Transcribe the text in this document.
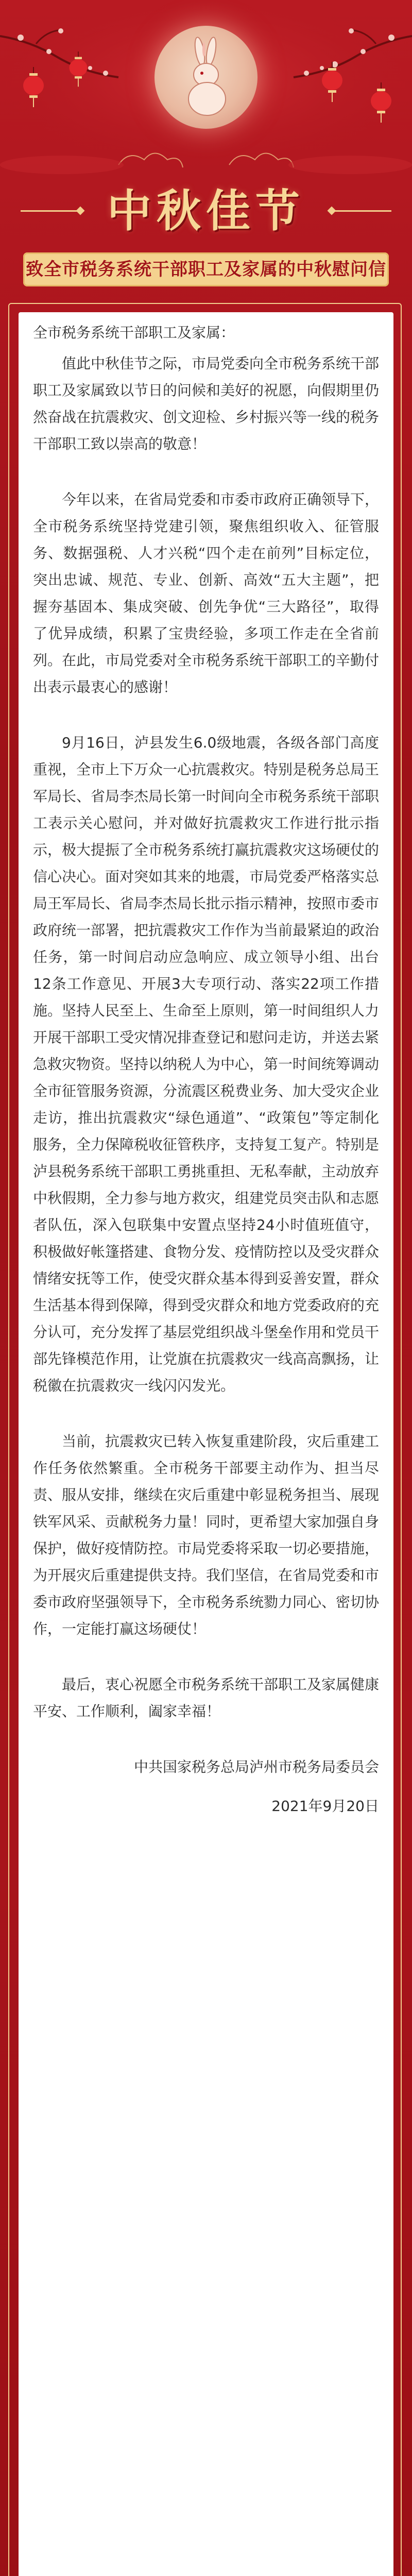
中秋佳节
致全市税务系统干部职工及家属的中秋慰问信

全市税务系统干部职工及家属：

值此中秋佳节之际，市局党委向全市税务系统干部职工及家属致以节日的问候和美好的祝愿，向假期里仍然奋战在抗震救灾、创文迎检、乡村振兴等一线的税务干部职工致以崇高的敬意！

今年以来，在省局党委和市委市政府正确领导下，全市税务系统坚持党建引领，聚焦组织收入、征管服务、数据强税、人才兴税“四个走在前列”目标定位，突出忠诚、规范、专业、创新、高效“五大主题”，把握夯基固本、集成突破、创先争优“三大路径”，取得了优异成绩，积累了宝贵经验，多项工作走在全省前列。在此，市局党委对全市税务系统干部职工的辛勤付出表示最衷心的感谢！

9月16日，泸县发生6.0级地震，各级各部门高度重视，全市上下万众一心抗震救灾。特别是税务总局王军局长、省局李杰局长第一时间向全市税务系统干部职工表示关心慰问，并对做好抗震救灾工作进行批示指示，极大提振了全市税务系统打赢抗震救灾这场硬仗的信心决心。面对突如其来的地震，市局党委严格落实总局王军局长、省局李杰局长批示指示精神，按照市委市政府统一部署，把抗震救灾工作作为当前最紧迫的政治任务，第一时间启动应急响应、成立领导小组、出台12条工作意见、开展3大专项行动、落实22项工作措施。坚持人民至上、生命至上原则，第一时间组织人力开展干部职工受灾情况排查登记和慰问走访，并送去紧急救灾物资。坚持以纳税人为中心，第一时间统筹调动全市征管服务资源，分流震区税费业务、加大受灾企业走访，推出抗震救灾“绿色通道”、“政策包”等定制化服务，全力保障税收征管秩序，支持复工复产。特别是泸县税务系统干部职工勇挑重担、无私奉献，主动放弃中秋假期，全力参与地方救灾，组建党员突击队和志愿者队伍，深入包联集中安置点坚持24小时值班值守，积极做好帐篷搭建、食物分发、疫情防控以及受灾群众情绪安抚等工作，使受灾群众基本得到妥善安置，群众生活基本得到保障，得到受灾群众和地方党委政府的充分认可，充分发挥了基层党组织战斗堡垒作用和党员干部先锋模范作用，让党旗在抗震救灾一线高高飘扬，让税徽在抗震救灾一线闪闪发光。

当前，抗震救灾已转入恢复重建阶段，灾后重建工作任务依然繁重。全市税务干部要主动作为、担当尽责、服从安排，继续在灾后重建中彰显税务担当、展现铁军风采、贡献税务力量！同时，更希望大家加强自身保护，做好疫情防控。市局党委将采取一切必要措施，为开展灾后重建提供支持。我们坚信，在省局党委和市委市政府坚强领导下，全市税务系统勠力同心、密切协作，一定能打赢这场硬仗！

最后，衷心祝愿全市税务系统干部职工及家属健康平安、工作顺利，阖家幸福！

中共国家税务总局泸州市税务局委员会

2021年9月20日
